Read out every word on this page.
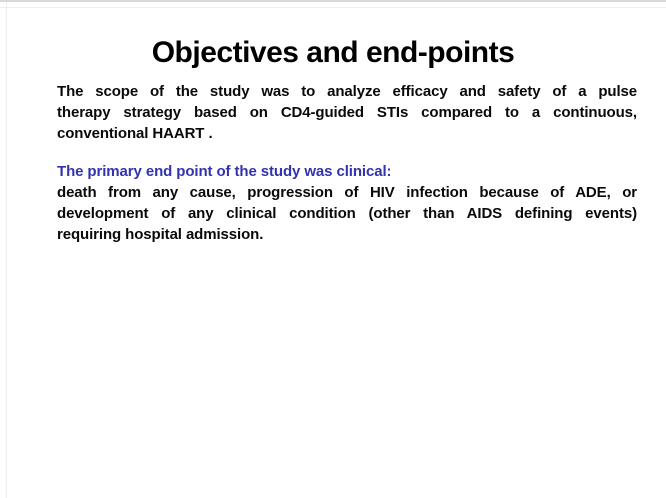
Objectives and end-points
The scope of the study was to analyze efficacy and safety of a pulse
therapy strategy based on CD4-guided STIs compared to a continuous,
conventional HAART .
The primary end point of the study was clinical:
death from any cause, progression of HIV infection because of ADE, or
development of any clinical condition (other than AIDS defining events)
requiring hospital admission.
